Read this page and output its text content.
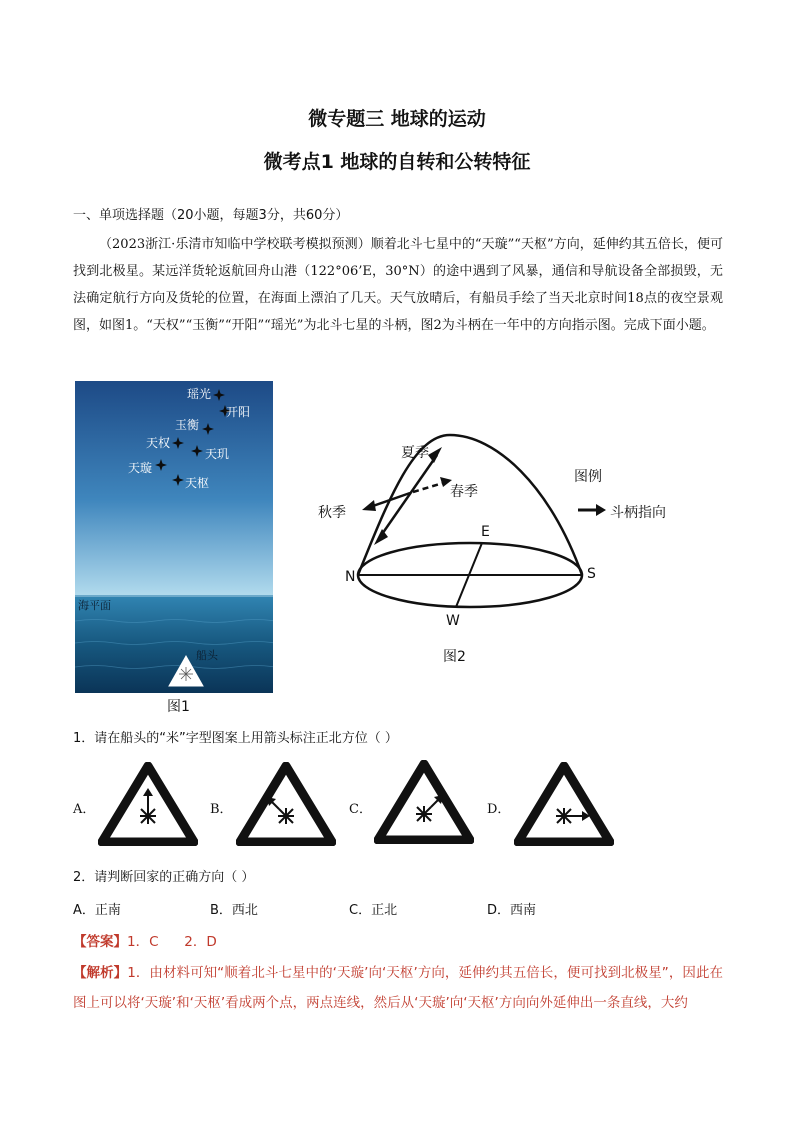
微专题三 地球的运动
微考点1 地球的自转和公转特征
一、单项选择题（20小题，每题3分，共60分）
（2023浙江·乐清市知临中学校联考模拟预测）顺着北斗七星中的“天璇”“天枢”方向，延伸约其五倍长，便可找到北极星。某远洋货轮返航回舟山港（122°06’E，30°N）的途中遇到了风暴，通信和导航设备全部损毁，无法确定航行方向及货轮的位置，在海面上漂泊了几天。天气放晴后，有船员手绘了当天北京时间18点的夜空景观图，如图1。“天权”“玉衡”“开阳”“瑶光”为北斗七星的斗柄，图2为斗柄在一年中的方向指示图。完成下面小题。
瑶光
开阳
玉衡
天权
天玑
天璇
天枢
海平面
船头
图1
夏季
春季
秋季
图例
斗柄指向
N	S
E
W
图2
1．请在船头的“米”字型图案上用箭头标注正北方位（ ）
A．	B．	C．	D．
2．请判断回家的正确方向（ ）
A．正南	B．西北	C．正北	D．西南
【答案】1．C      2．D
【解析】1．由材料可知“顺着北斗七星中的‘天璇’向‘天枢’方向，延伸约其五倍长，便可找到北极星”，因此在图上可以将‘天璇’和‘天枢’看成两个点，两点连线，然后从‘天璇’向‘天枢’方向向外延伸出一条直线，大约
